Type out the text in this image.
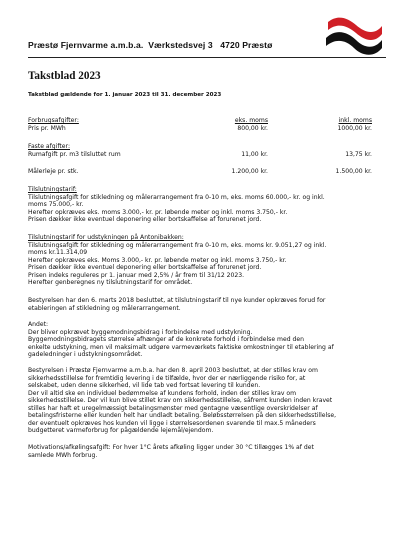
Præstø Fjernvarme a.m.b.a.  Værkstedsvej 3   4720 Præstø
Takstblad 2023
Takstblad gældende for 1. januar 2023 til 31. december 2023
Forbrugsafgifter:	eks. moms	inkl. moms
Pris pr. MWh	800,00 kr.	1000,00 kr.
Faste afgifter:
Rumafgift pr. m3 tilsluttet rum	11,00 kr.	13,75 kr.
Målerleje pr. stk.	1.200,00 kr.	1.500,00 kr.
Tilslutningstarif:
Tilslutningsafgift for stikledning og målerarrangement fra 0-10 m, eks. moms 60.000,- kr. og inkl.
moms 75.000,- kr.
Herefter opkræves eks. moms 3.000,- kr. pr. løbende meter og inkl. moms 3.750,- kr.
Prisen dækker ikke eventuel deponering eller bortskaffelse af forurenet jord.
Tilslutningstarif for udstykningen på Antonibakken:
Tilslutningsafgift for stikledning og målerarrangement fra 0-10 m, eks. moms kr. 9.051,27 og inkl.
moms kr.11.314,09
Herefter opkræves eks. Moms 3.000,- kr. pr. løbende meter og inkl. moms 3.750,- kr.
Prisen dækker ikke eventuel deponering eller bortskaffelse af forurenet jord.
Prisen indeks reguleres pr 1. januar med 2,5% / år frem til 31/12 2023.
Herefter genberegnes ny tilslutningstarif for området.
Bestyrelsen har den 6. marts 2018 besluttet, at tilslutningstarif til nye kunder opkræves forud for
etableringen af stikledning og målerarrangement.
Andet:
Der bliver opkrævet byggemodningsbidrag i forbindelse med udstykning.
Byggemodningsbidragets størrelse afhænger af de konkrete forhold i forbindelse med den
enkelte udstykning, men vil maksimalt udgøre varmeværkets faktiske omkostninger til etablering af
gadeledninger i udstykningsområdet.
Bestyrelsen i Præstø Fjernvarme a.m.b.a. har den 8. april 2003 besluttet, at der stilles krav om
sikkerhedsstillelse for fremtidig levering i de tilfælde, hvor der er nærliggende risiko for, at
selskabet, uden denne sikkerhed, vil lide tab ved fortsat levering til kunden.
Der vil altid ske en individuel bedømmelse af kundens forhold, inden der stilles krav om
sikkerhedsstillelse. Der vil kun blive stillet krav om sikkerhedsstillelse, såfremt kunden inden kravet
stilles har haft et uregelmæssigt betalingsmønster med gentagne væsentlige overskridelser af
betalingsfristerne eller kunden helt har undladt betaling. Beløbsstørrelsen på den sikkerhedsstillelse,
der eventuelt opkræves hos kunden vil ligge i størrelsesordenen svarende til max.5 måneders
budgetteret varmeforbrug for pågældende lejemål/ejendom.
Motivations/afkølingsafgift: For hver 1°C årets afkøling ligger under 30 °C tillægges 1% af det
samlede MWh forbrug.
